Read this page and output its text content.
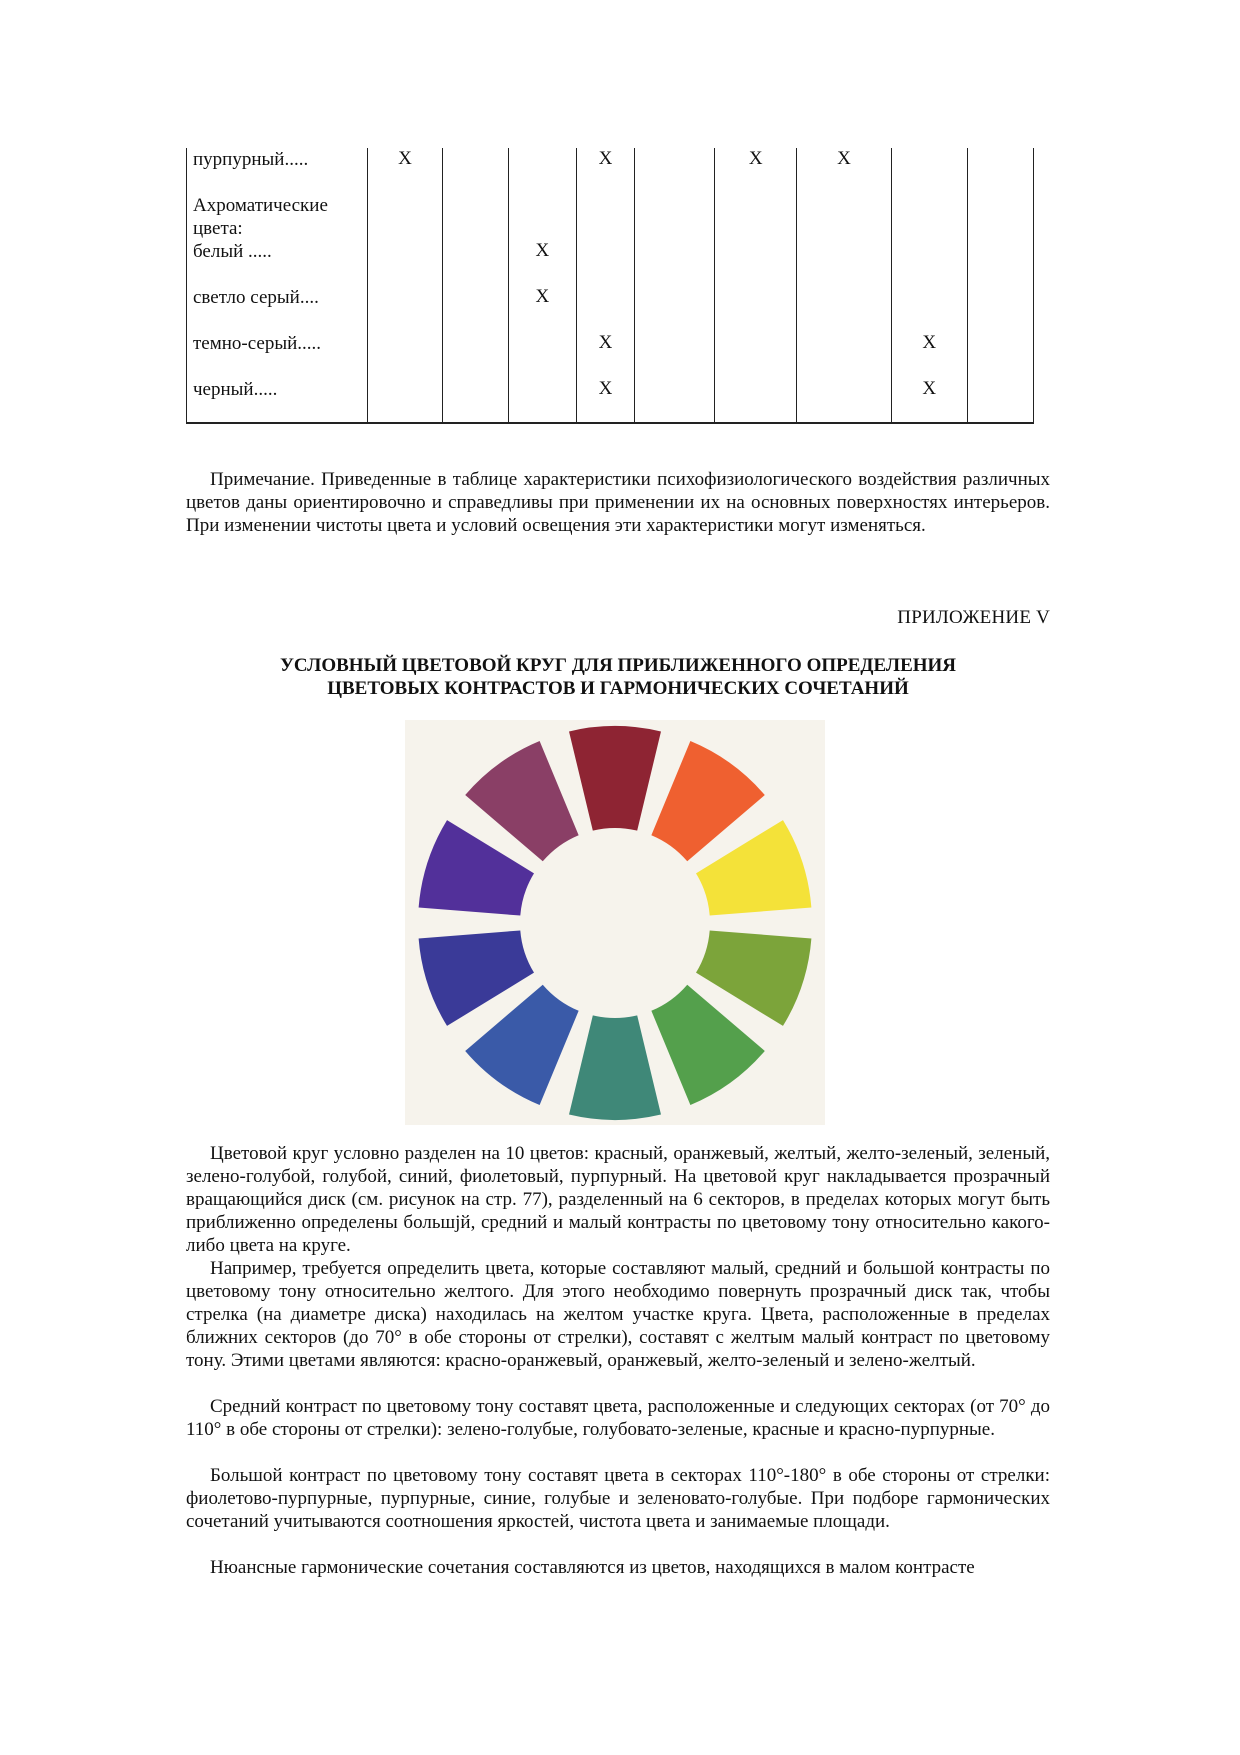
пурпурный.....	X			X		X	X		
Ахроматические цвета:									
белый .....			X						
светло серый....			X						
темно-серый.....				X				X	
черный.....				X				X	

Примечание. Приведенные в таблице характеристики психофизиологического воздействия различных цветов даны ориентировочно и справедливы при применении их на основных поверхностях интерьеров. При изменении чистоты цвета и условий освещения эти характеристики могут изменяться.

ПРИЛОЖЕНИЕ V
УСЛОВНЫЙ ЦВЕТОВОЙ КРУГ ДЛЯ ПРИБЛИЖЕННОГО ОПРЕДЕЛЕНИЯ
ЦВЕТОВЫХ КОНТРАСТОВ И ГАРМОНИЧЕСКИХ СОЧЕТАНИЙ

Цветовой круг условно разделен на 10 цветов: красный, оранжевый, желтый, желто-зеленый, зеленый, зелено-голубой, голубой, синий, фиолетовый, пурпурный. На цветовой круг накладывается прозрачный вращающийся диск (см. рисунок на стр. 77), разделенный на 6 секторов, в пределах которых могут быть приближенно определены большјй, средний и малый контрасты по цветовому тону относительно какого-либо цвета на круге.

Например, требуется определить цвета, которые составляют малый, средний и большой контрасты по цветовому тону относительно желтого. Для этого необходимо повернуть прозрачный диск так, чтобы стрелка (на диаметре диска) находилась на желтом участке круга. Цвета, расположенные в пределах ближних секторов (до 70° в обе стороны от стрелки), составят с желтым малый контраст по цветовому тону. Этими цветами являются: красно-оранжевый, оранжевый, желто-зеленый и зелено-желтый.

Средний контраст по цветовому тону составят цвета, расположенные и следующих секторах (от 70° до 110° в обе стороны от стрелки): зелено-голубые, голубовато-зеленые, красные и красно-пурпурные.

Большой контраст по цветовому тону составят цвета в секторах 110°-180° в обе стороны от стрелки: фиолетово-пурпурные, пурпурные, синие, голубые и зеленовато-голубые. При подборе гармонических сочетаний учитываются соотношения яркостей, чистота цвета и занимаемые площади.

Нюансные гармонические сочетания составляются из цветов, находящихся в малом контрасте
